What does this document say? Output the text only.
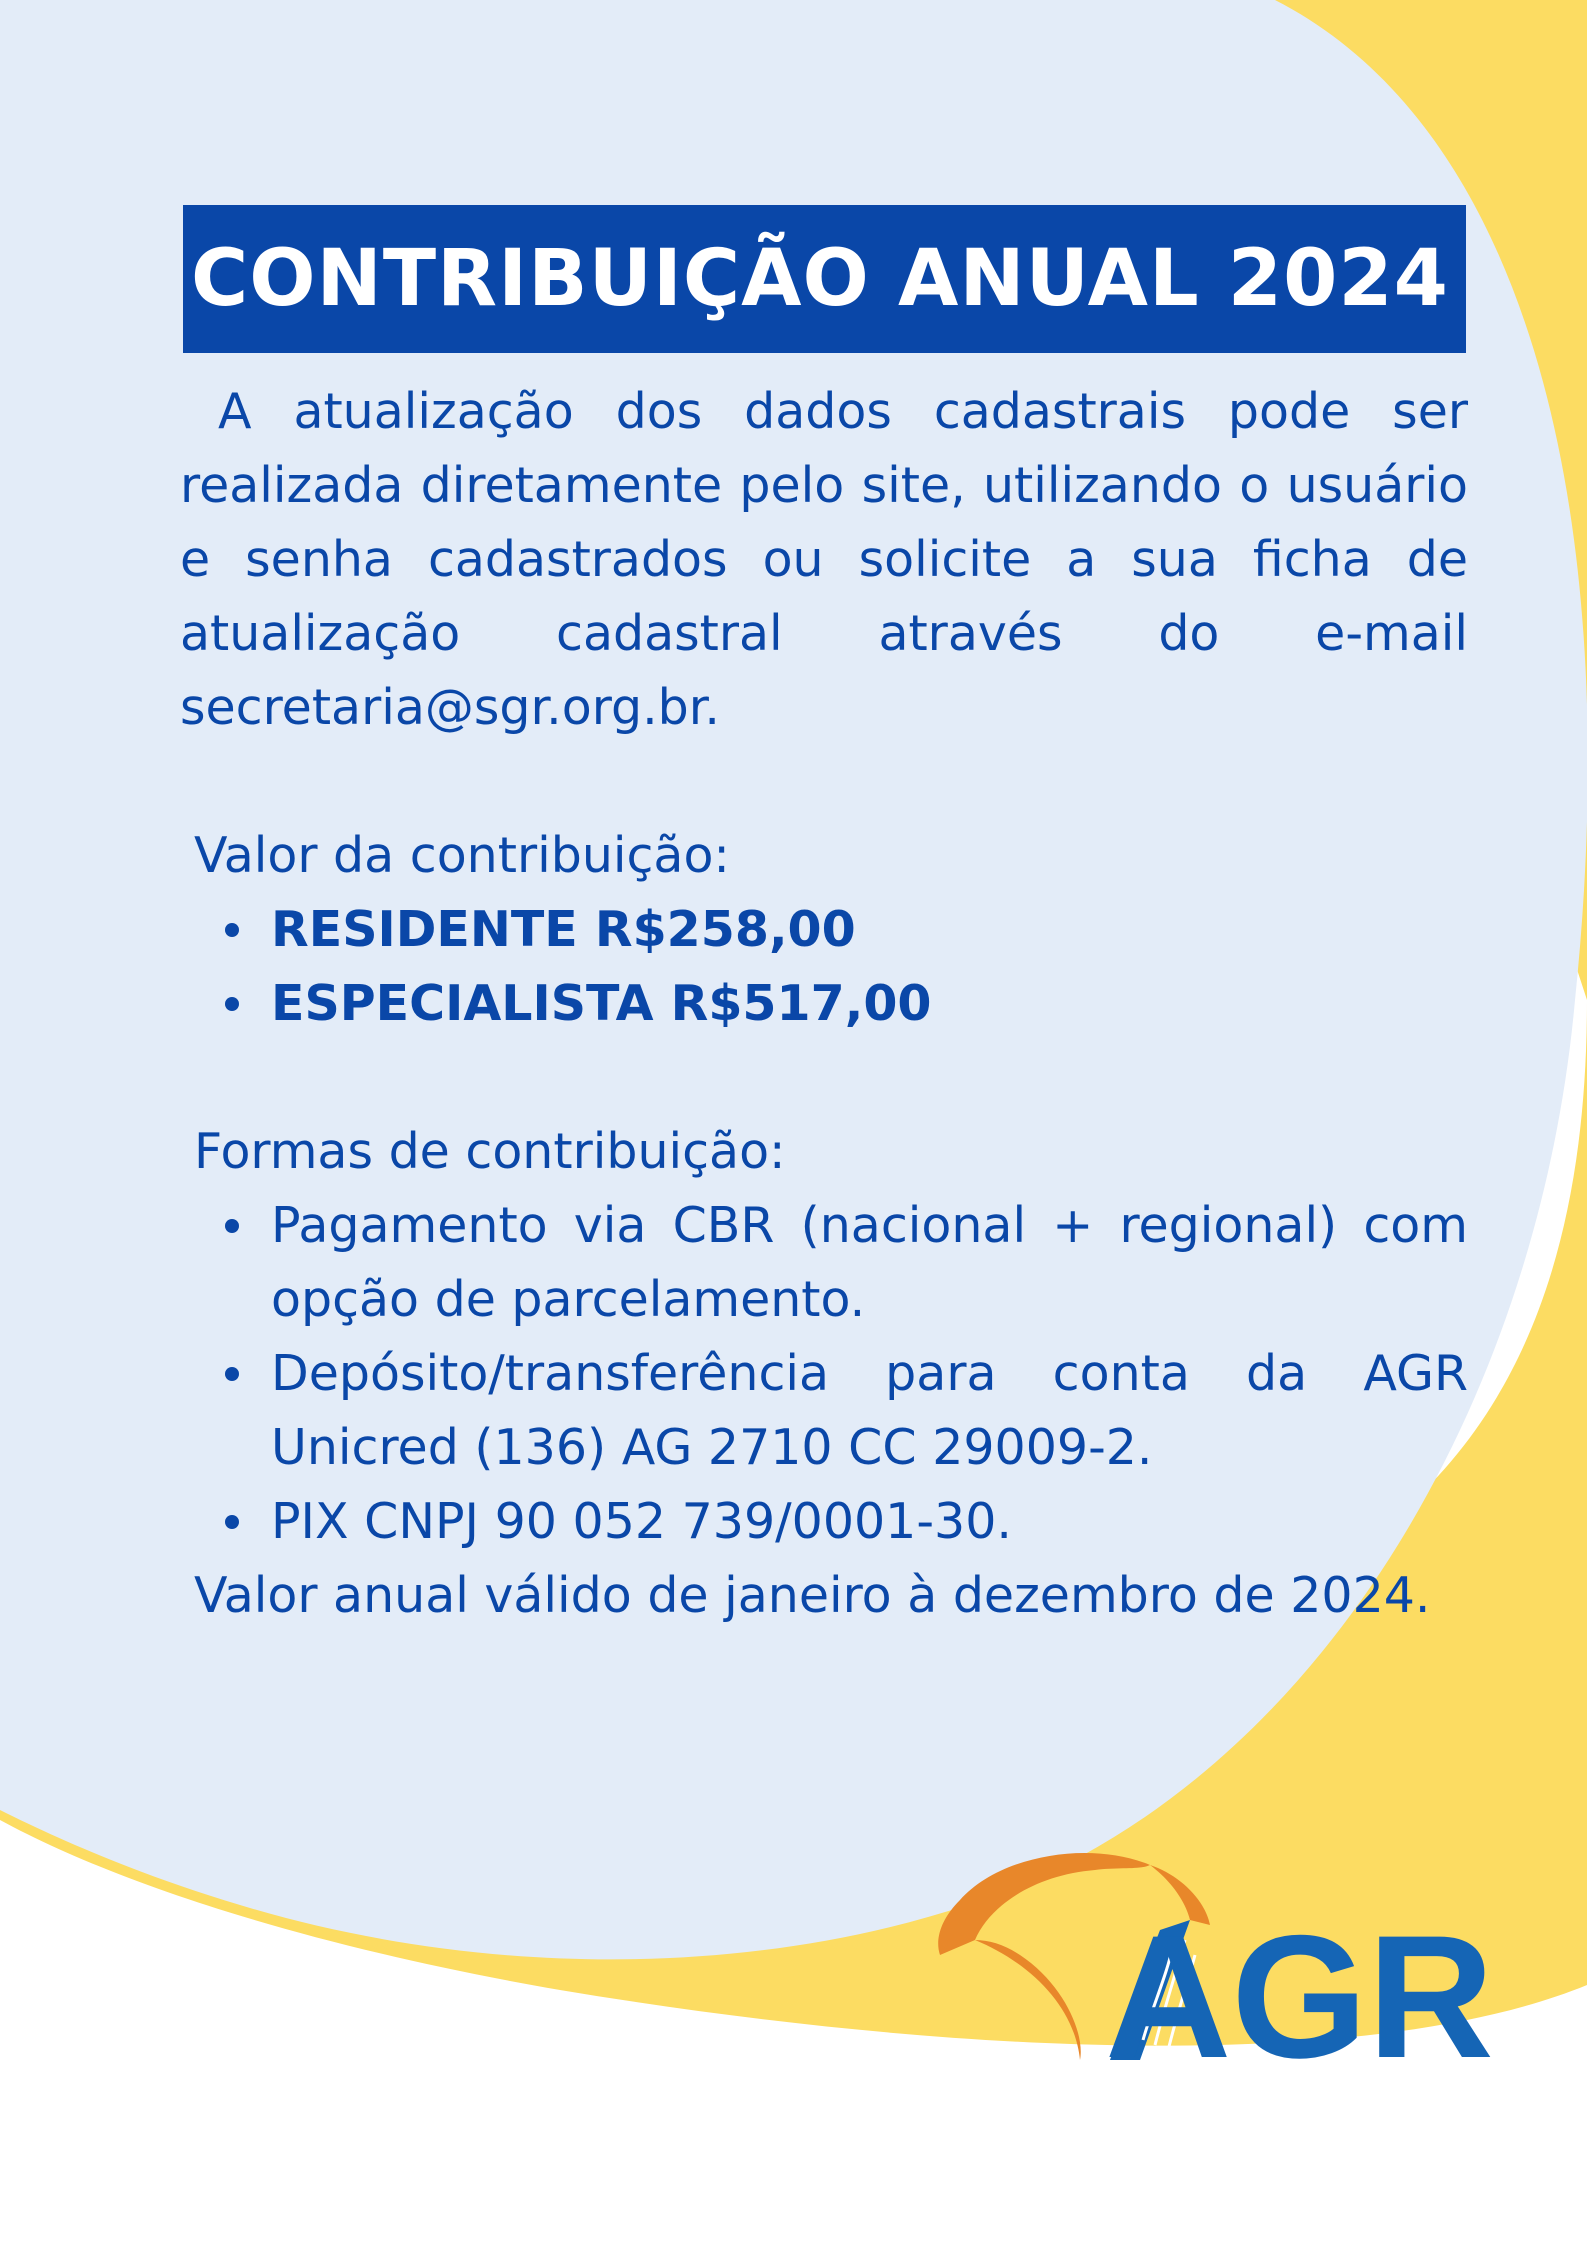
CONTRIBUIÇÃO ANUAL 2024

A atualização dos dados cadastrais pode ser realizada diretamente pelo site, utilizando o usuário e senha cadastrados ou solicite a sua ficha de atualização cadastral através do e-mail secretaria@sgr.org.br.

Valor da contribuição:

RESIDENTE R$258,00
ESPECIALISTA R$517,00

Formas de contribuição:

Pagamento via CBR (nacional + regional) com opção de parcelamento.
Depósito/transferência para conta da AGR Unicred (136) AG 2710 CC 29009-2.
PIX CNPJ 90 052 739/0001-30.

Valor anual válido de janeiro à dezembro de 2024.

AGR
